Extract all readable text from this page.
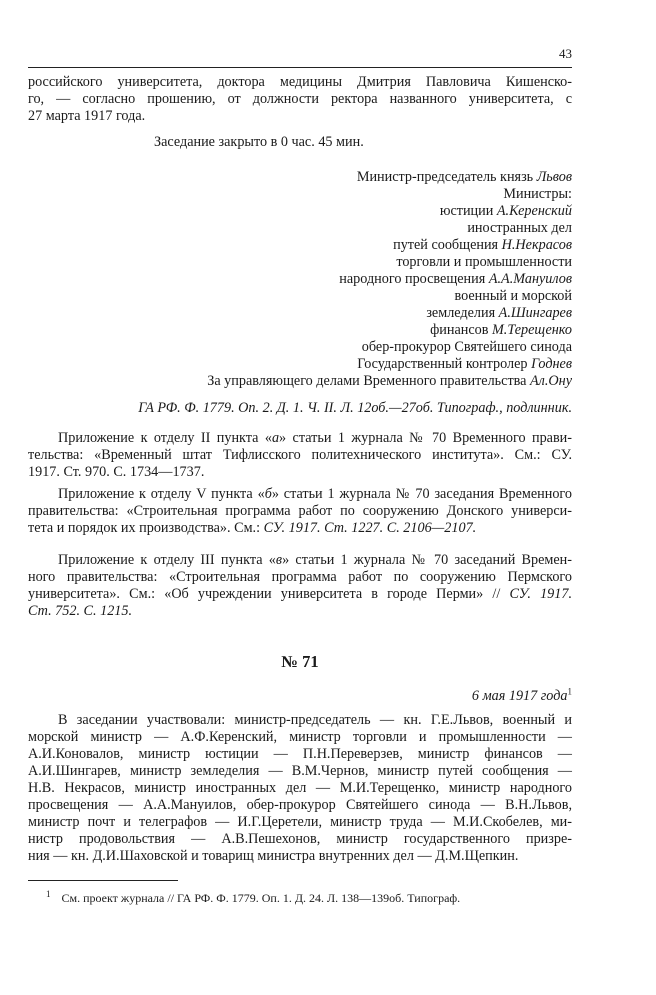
43
российского университета, доктора медицины Дмитрия Павловича Кишенско-
го, — согласно прошению, от должности ректора названного университета, с
27 марта 1917 года.
Заседание закрыто в 0 час. 45 мин.
Министр-председатель князь Львов
Министры:
юстиции А.Керенский
иностранных дел
путей сообщения Н.Некрасов
торговли и промышленности
народного просвещения А.А.Мануилов
военный и морской
земледелия А.Шингарев
финансов М.Терещенко
обер-прокурор Святейшего синода
Государственный контролер Годнев
За управляющего делами Временного правительства Ал.Ону
ГА РФ. Ф. 1779. Оп. 2. Д. 1. Ч. II. Л. 12об.—27об. Типограф., подлинник.
Приложение к отделу II пункта «а» статьи 1 журнала № 70 Временного прави-
тельства: «Временный штат Тифлисского политехнического института». См.: СУ.
1917. Ст. 970. С. 1734—1737.
Приложение к отделу V пункта «б» статьи 1 журнала № 70 заседания Временного
правительства: «Строительная программа работ по сооружению Донского универси-
тета и порядок их производства». См.: СУ. 1917. Ст. 1227. С. 2106—2107.
Приложение к отделу III пункта «в» статьи 1 журнала № 70 заседаний Времен-
ного правительства: «Строительная программа работ по сооружению Пермского
университета». См.: «Об учреждении университета в городе Перми» // СУ. 1917.
Ст. 752. С. 1215.
№ 71
6 мая 1917 года$^1$
В заседании участвовали: министр-председатель — кн. Г.Е.Львов, военный и
морской министр — А.Ф.Керенский, министр торговли и промышленности —
А.И.Коновалов, министр юстиции — П.Н.Переверзев, министр финансов —
А.И.Шингарев, министр земледелия — В.М.Чернов, министр путей сообщения —
Н.В. Некрасов, министр иностранных дел — М.И.Терещенко, министр народного
просвещения — А.А.Мануилов, обер-прокурор Святейшего синода — В.Н.Львов,
министр почт и телеграфов — И.Г.Церетели, министр труда — М.И.Скобелев, ми-
нистр продовольствия — А.В.Пешехонов, министр государственного призре-
ния — кн. Д.И.Шаховской и товарищ министра внутренних дел — Д.М.Щепкин.
$^1$ См. проект журнала // ГА РФ. Ф. 1779. Оп. 1. Д. 24. Л. 138—139об. Типограф.
